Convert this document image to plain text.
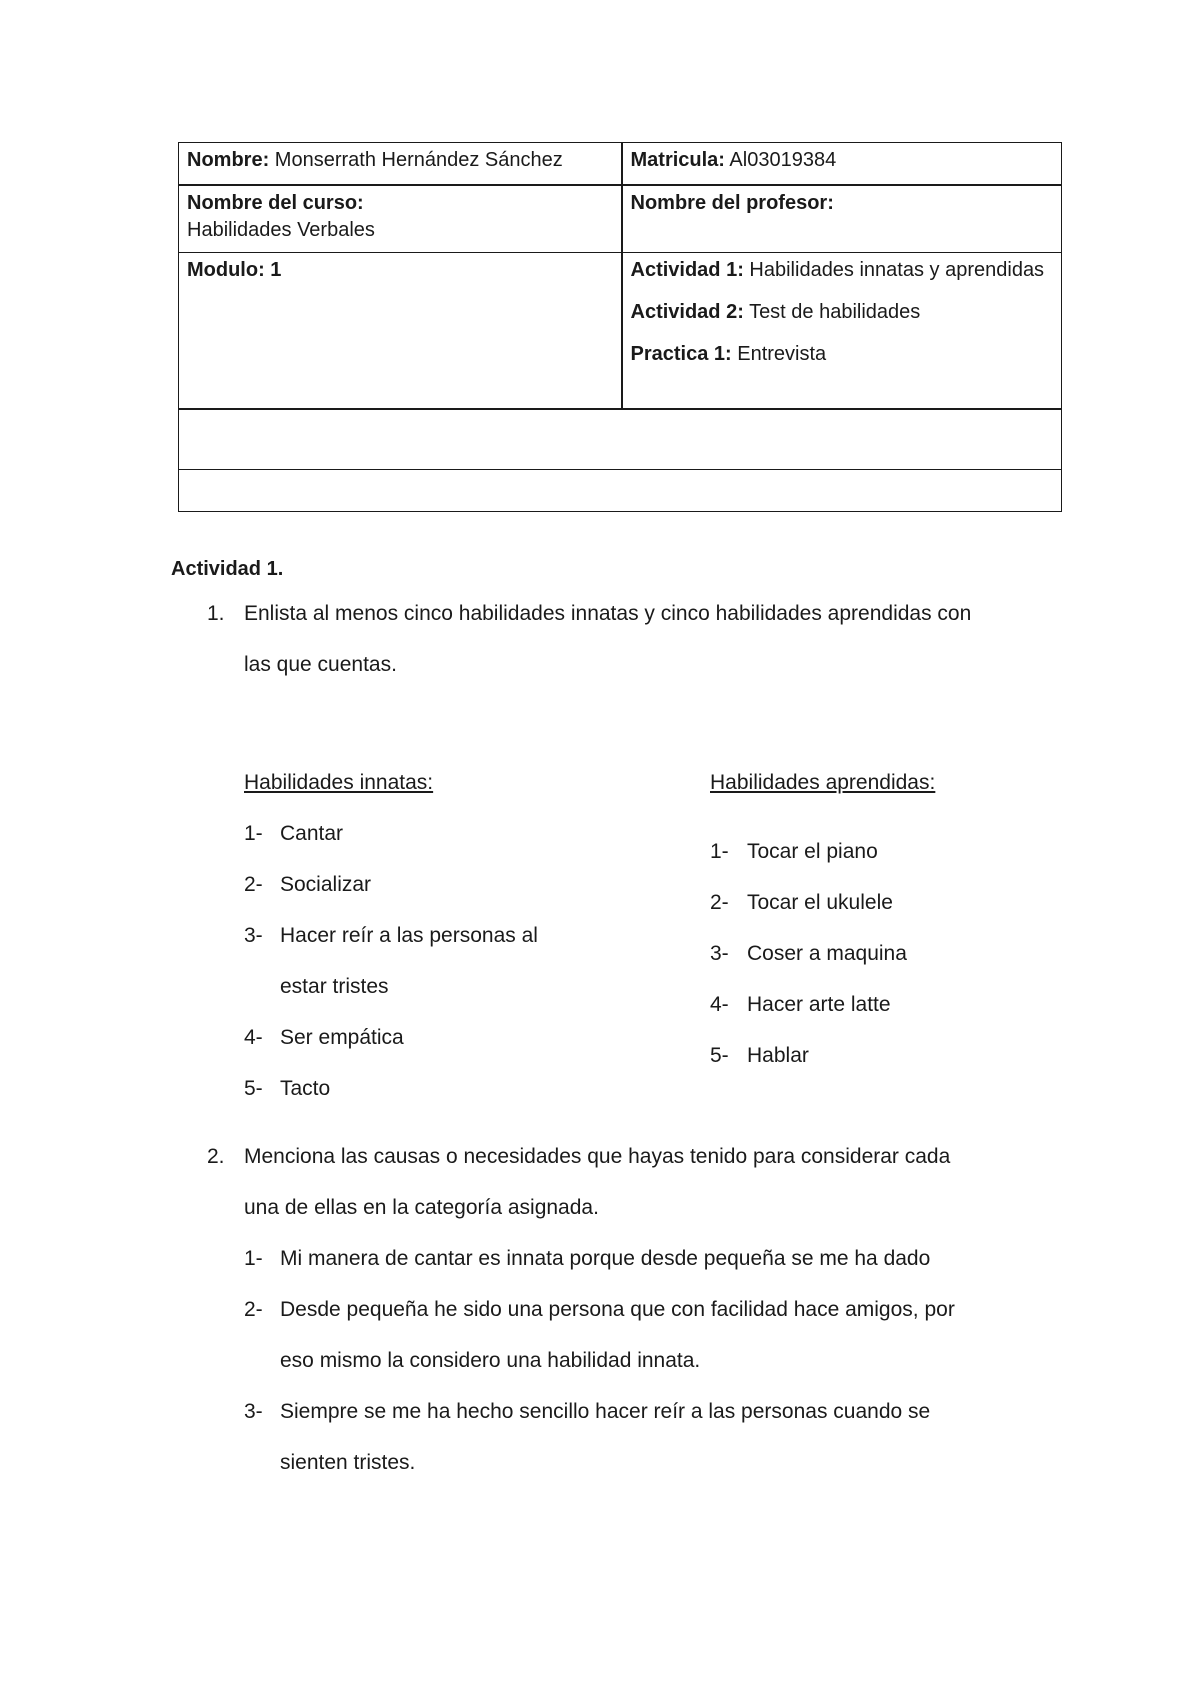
Nombre: Monserrath Hernández Sánchez	Matricula: Al03019384

Nombre del curso:
Habilidades Verbales	Nombre del profesor:

Modulo: 1	Actividad 1: Habilidades innatas y aprendidas

Actividad 2: Test de habilidades

Practica 1: Entrevista

Actividad 1.
1. Enlista al menos cinco habilidades innatas y cinco habilidades aprendidas con
las que cuentas.
Habilidades innatas:
1- Cantar
2- Socializar
3- Hacer reír a las personas al
estar tristes
4- Ser empática
5- Tacto
Habilidades aprendidas:
1- Tocar el piano
2- Tocar el ukulele
3- Coser a maquina
4- Hacer arte latte
5- Hablar
2. Menciona las causas o necesidades que hayas tenido para considerar cada
una de ellas en la categoría asignada.
1- Mi manera de cantar es innata porque desde pequeña se me ha dado
2- Desde pequeña he sido una persona que con facilidad hace amigos, por
eso mismo la considero una habilidad innata.
3- Siempre se me ha hecho sencillo hacer reír a las personas cuando se
sienten tristes.
